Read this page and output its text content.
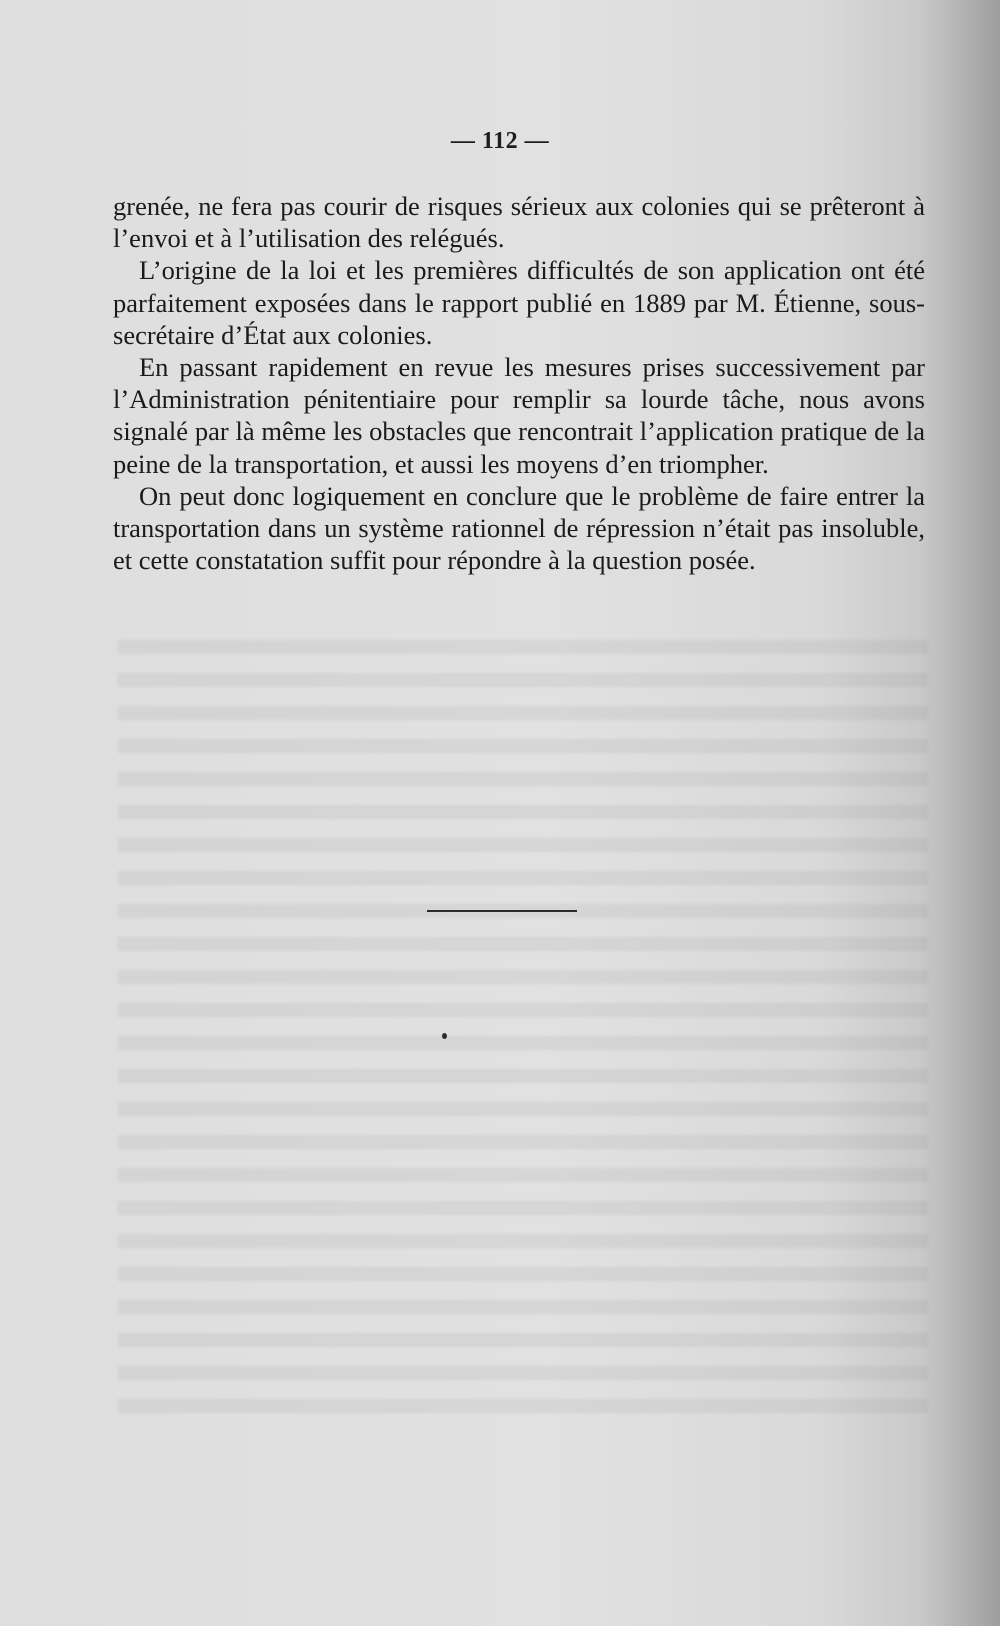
— 112 —

grenée, ne fera pas courir de risques sérieux aux colonies qui se prêteront à l’envoi et à l’utilisation des relégués.

L’origine de la loi et les premières difficultés de son application ont été parfaitement exposées dans le rapport publié en 1889 par M. Étienne, sous-secrétaire d’État aux colonies.

En passant rapidement en revue les mesures prises successivement par l’Administration pénitentiaire pour remplir sa lourde tâche, nous avons signalé par là même les obstacles que rencontrait l’application pratique de la peine de la transportation, et aussi les moyens d’en triompher.

On peut donc logiquement en conclure que le problème de faire entrer la transportation dans un système rationnel de répression n’était pas insoluble, et cette constatation suffit pour répondre à la question posée.
